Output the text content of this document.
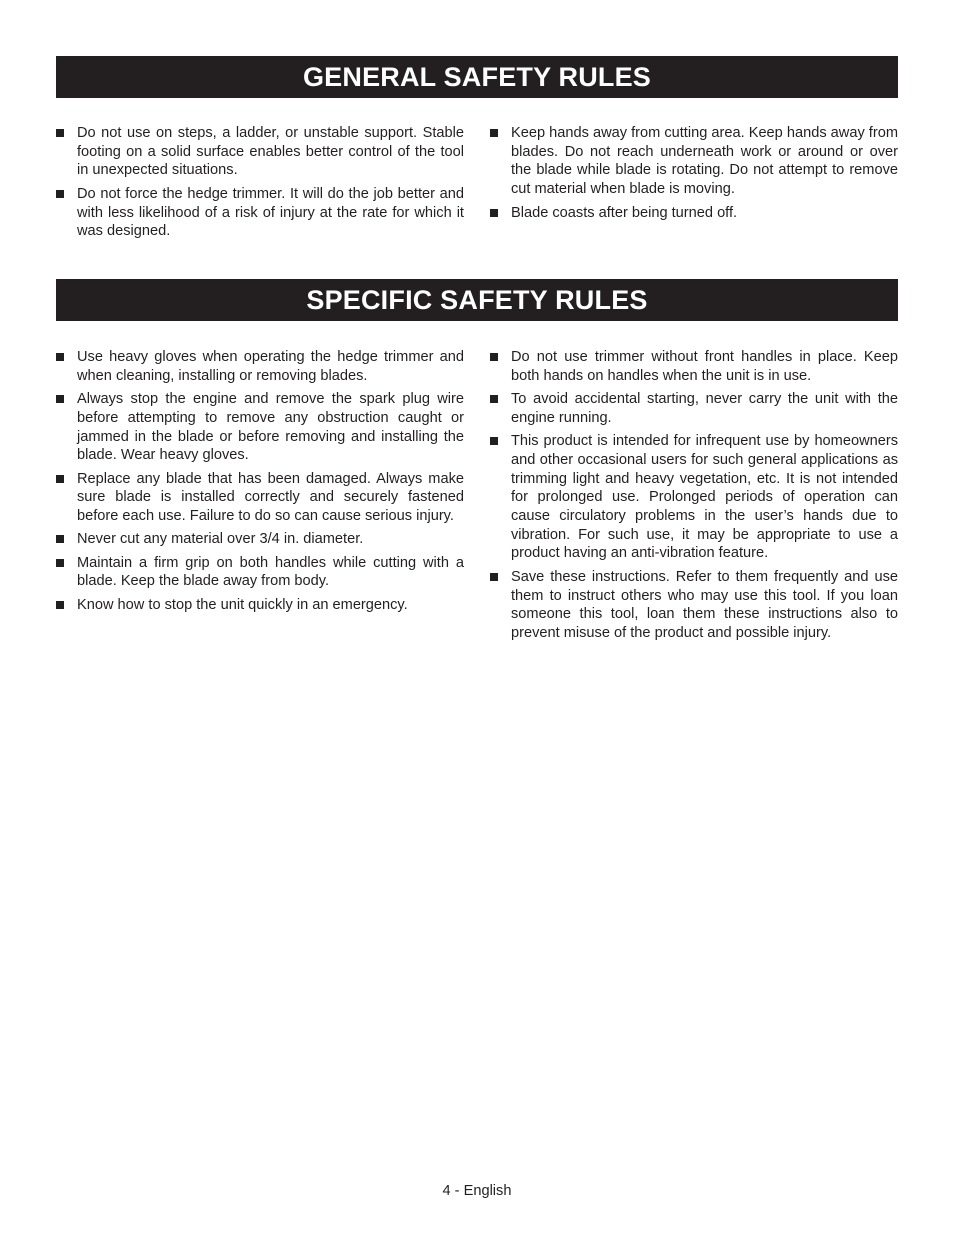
GENERAL SAFETY RULES
Do not use on steps, a ladder, or unstable support. Stable footing on a solid surface enables better control of the tool in unexpected situations.
Do not force the hedge trimmer. It will do the job better and with less likelihood of a risk of injury at the rate for which it was designed.
Keep hands away from cutting area. Keep hands away from blades. Do not reach underneath work or around or over the blade while blade is rotating. Do not attempt to remove cut material when blade is moving.
Blade coasts after being turned off.
SPECIFIC SAFETY RULES
Use heavy gloves when operating the hedge trimmer and when cleaning, installing or removing blades.
Always stop the engine and remove the spark plug wire before attempting to remove any obstruction caught or jammed in the blade or before removing and installing the blade. Wear heavy gloves.
Replace any blade that has been damaged. Always make sure blade is installed correctly and securely fastened before each use. Failure to do so can cause serious injury.
Never cut any material over 3/4 in. diameter.
Maintain a firm grip on both handles while cutting with a blade. Keep the blade away from body.
Know how to stop the unit quickly in an emergency.
Do not use trimmer without front handles in place. Keep both hands on handles when the unit is in use.
To avoid accidental starting, never carry the unit with the engine running.
This product is intended for infrequent use by homeowners and other occasional users for such general applications as trimming light and heavy vegetation, etc. It is not intended for prolonged use. Prolonged periods of operation can cause circulatory problems in the user’s hands due to vibration. For such use, it may be appropriate to use a product having an anti-vibration feature.
Save these instructions. Refer to them frequently and use them to instruct others who may use this tool. If you loan someone this tool, loan them these instructions also to prevent misuse of the product and possible injury.
4 - English
